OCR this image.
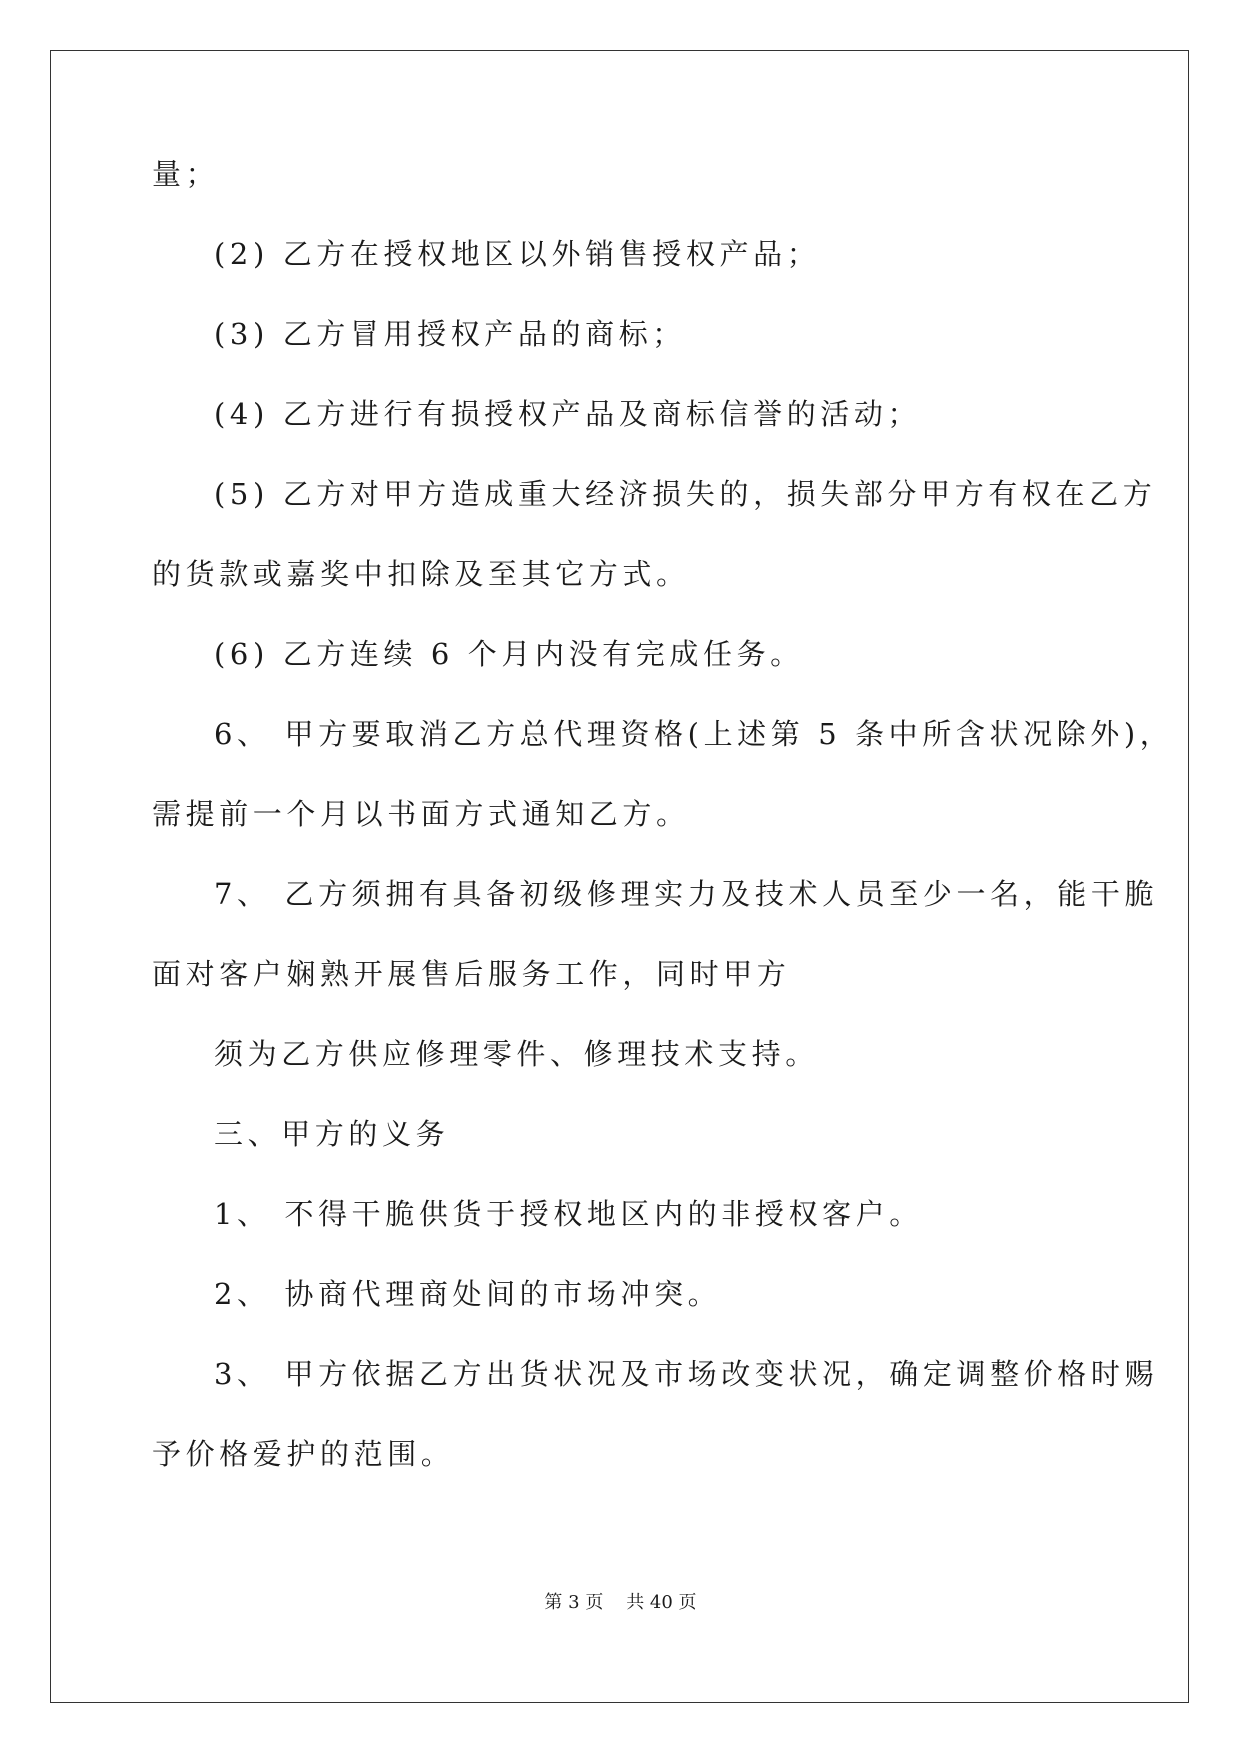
量；
(2) 乙方在授权地区以外销售授权产品；
(3) 乙方冒用授权产品的商标；
(4) 乙方进行有损授权产品及商标信誉的活动；
(5) 乙方对甲方造成重大经济损失的，损失部分甲方有权在乙方
的货款或嘉奖中扣除及至其它方式。
(6) 乙方连续 6 个月内没有完成任务。
6、 甲方要取消乙方总代理资格(上述第 5 条中所含状况除外)，
需提前一个月以书面方式通知乙方。
7、 乙方须拥有具备初级修理实力及技术人员至少一名，能干脆
面对客户娴熟开展售后服务工作，同时甲方
须为乙方供应修理零件、修理技术支持。
三、甲方的义务
1、 不得干脆供货于授权地区内的非授权客户。
2、 协商代理商处间的市场冲突。
3、 甲方依据乙方出货状况及市场改变状况，确定调整价格时赐
予价格爱护的范围。
第 3 页    共 40 页
